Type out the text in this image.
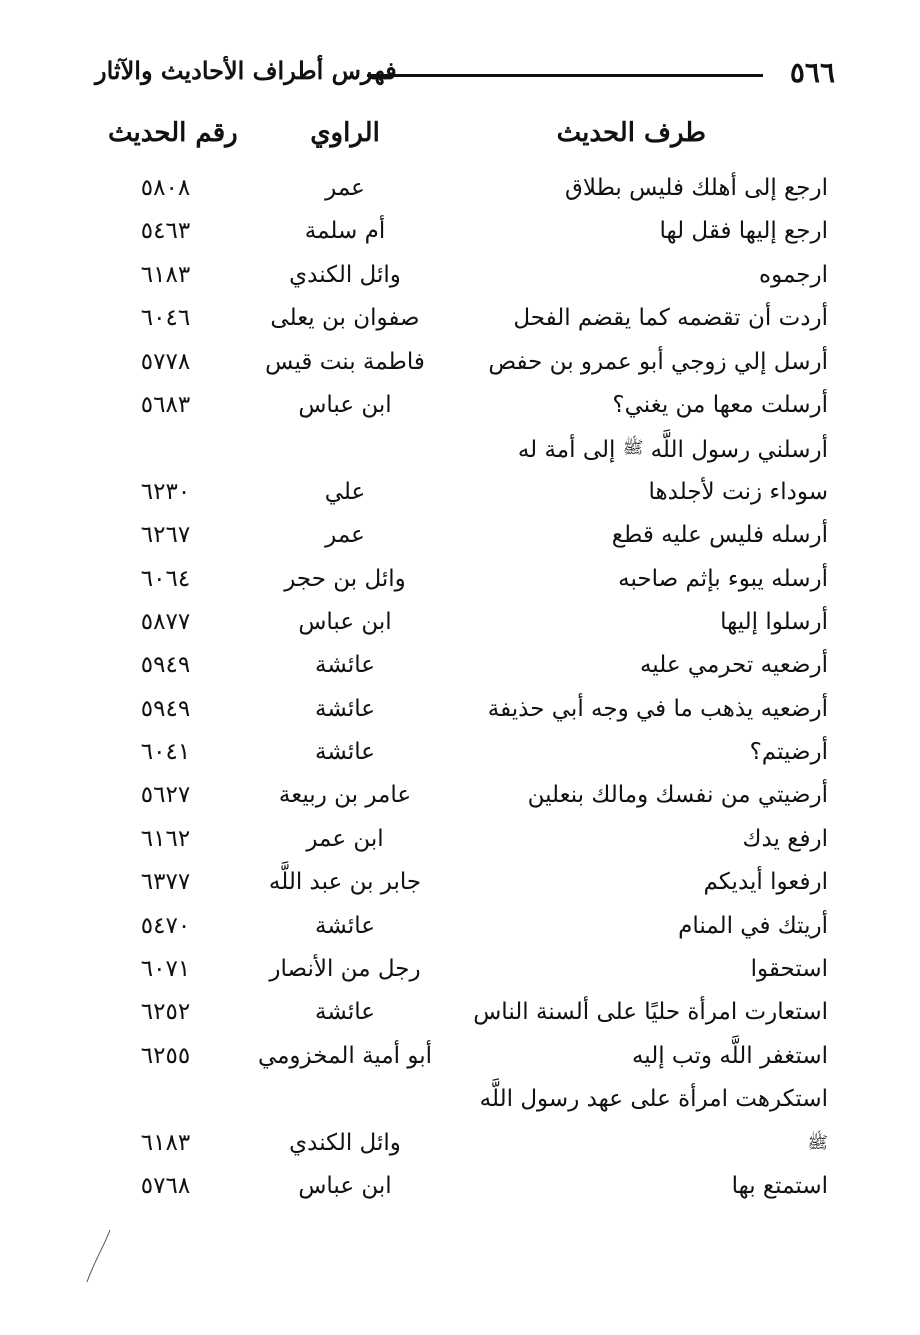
٥٦٦
فهرس أطراف الأحاديث والآثار
طرف الحديث
الراوي
رقم الحديث
ارجع إلى أهلك فليس بطلاق
عمر
٥٨٠٨
ارجع إليها فقل لها
أم سلمة
٥٤٦٣
ارجموه
وائل الكندي
٦١٨٣
أردت أن تقضمه كما يقضم الفحل
صفوان بن يعلى
٦٠٤٦
أرسل إلي زوجي أبو عمرو بن حفص
فاطمة بنت قيس
٥٧٧٨
أرسلت معها من يغني؟
ابن عباس
٥٦٨٣
أرسلني رسول اللَّه ﷺ إلى أمة له
سوداء زنت لأجلدها
علي
٦٢٣٠
أرسله فليس عليه قطع
عمر
٦٢٦٧
أرسله يبوء بإثم صاحبه
وائل بن حجر
٦٠٦٤
أرسلوا إليها
ابن عباس
٥٨٧٧
أرضعيه تحرمي عليه
عائشة
٥٩٤٩
أرضعيه يذهب ما في وجه أبي حذيفة
عائشة
٥٩٤٩
أرضيتم؟
عائشة
٦٠٤١
أرضيتي من نفسك ومالك بنعلين
عامر بن ربيعة
٥٦٢٧
ارفع يدك
ابن عمر
٦١٦٢
ارفعوا أيديكم
جابر بن عبد اللَّه
٦٣٧٧
أريتك في المنام
عائشة
٥٤٧٠
استحقوا
رجل من الأنصار
٦٠٧١
استعارت امرأة حليًا على ألسنة الناس
عائشة
٦٢٥٢
استغفر اللَّه وتب إليه
أبو أمية المخزومي
٦٢٥٥
استكرهت امرأة على عهد رسول اللَّه
ﷺ
وائل الكندي
٦١٨٣
استمتع بها
ابن عباس
٥٧٦٨
